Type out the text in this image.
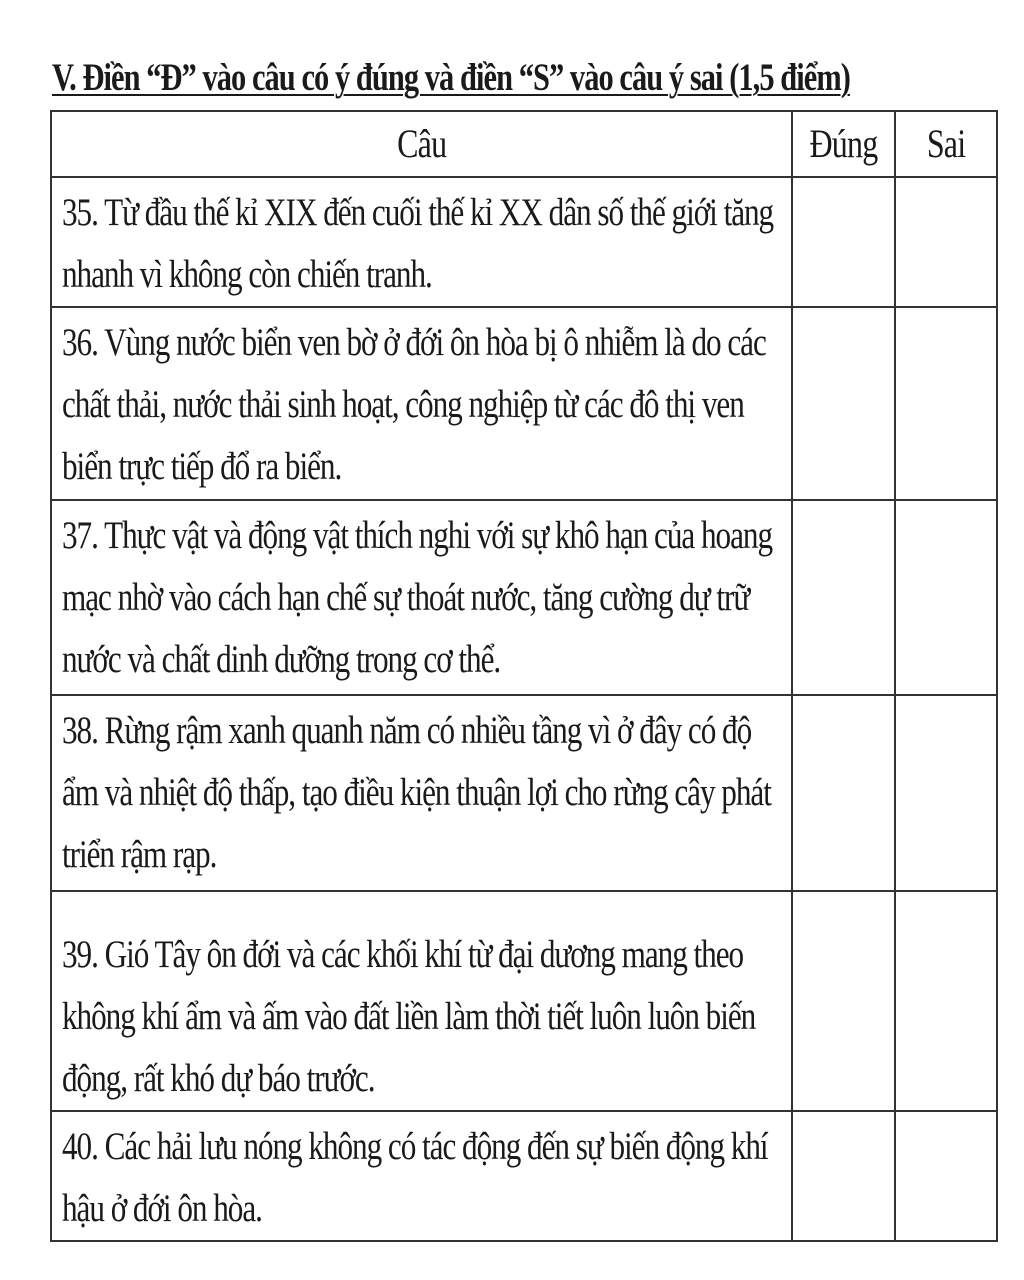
V. Điền “Đ” vào câu có ý đúng và điền “S” vào câu ý sai (1,5 điểm)
Câu	Đúng	Sai

35. Từ đầu thế kỉ XIX đến cuối thế kỉ XX dân số thế giới tăng nhanh vì không còn chiến tranh.		

36. Vùng nước biển ven bờ ở đới ôn hòa bị ô nhiễm là do các chất thải, nước thải sinh hoạt, công nghiệp từ các đô thị ven biển trực tiếp đổ ra biển.		

37. Thực vật và động vật thích nghi với sự khô hạn của hoang mạc nhờ vào cách hạn chế sự thoát nước, tăng cường dự trữ nước và chất dinh dưỡng trong cơ thể.		

38. Rừng rậm xanh quanh năm có nhiều tầng vì ở đây có độ ẩm và nhiệt độ thấp, tạo điều kiện thuận lợi cho rừng cây phát triển rậm rạp.		

39. Gió Tây ôn đới và các khối khí từ đại dương mang theo không khí ẩm và ấm vào đất liền làm thời tiết luôn luôn biến động, rất khó dự báo trước.		

40. Các hải lưu nóng không có tác động đến sự biến động khí hậu ở đới ôn hòa.		
